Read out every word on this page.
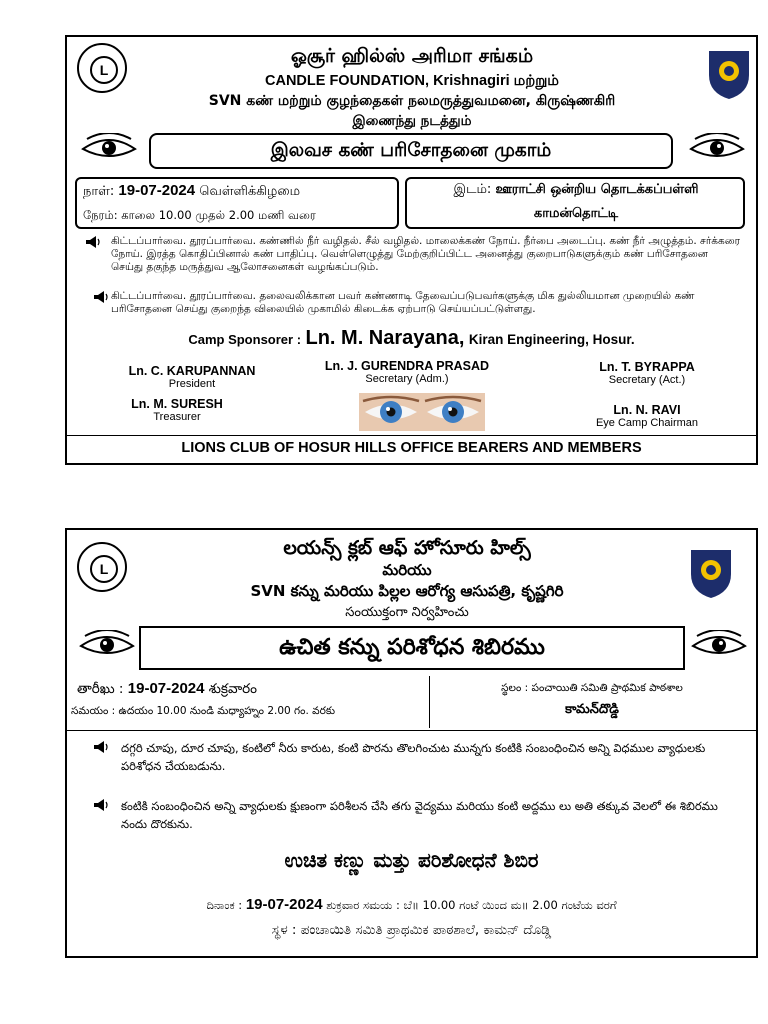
L
ஓசூர் ஹில்ஸ் அரிமா சங்கம்
CANDLE FOUNDATION, Krishnagiri மற்றும்
SVN கண் மற்றும் குழந்தைகள் நலமருத்துவமனை, கிருஷ்ணகிரி
இணைந்து நடத்தும்
இலவச கண் பரிசோதனை முகாம்
நாள்: 19-07-2024 வெள்ளிக்கிழமை
நேரம்: காலை 10.00 முதல் 2.00 மணி வரை
இடம்: ஊராட்சி ஒன்றிய தொடக்கப்பள்ளி
காமன்தொட்டி
கிட்டப்பார்வை. தூரப்பார்வை. கண்ணில் நீர் வழிதல். சீல் வழிதல். மாலைக்கண் நோய். நீர்பை அடைப்பு. கண் நீர் அழுத்தம். சர்க்கரை நோய். இரத்த கொதிப்பினால் கண் பாதிப்பு. வெள்ளெழுத்து மேற்குறிப்பிட்ட அனைத்து குறைபாடுகளுக்கும் கண் பரிசோதனை செய்து தகுந்த மருத்துவ ஆலோசனைகள் வழங்கப்படும்.
கிட்டப்பார்வை. தூரப்பார்வை. தலைவலிக்கான பவர் கண்ணாடி தேவைப்படுபவர்களுக்கு மிக துல்லியமான முறையில் கண் பரிசோதனை செய்து குறைந்த விலையில் முகாமில் கிடைக்க ஏற்பாடு செய்யப்பட்டுள்ளது.
Camp Sponsorer : Ln. M. Narayana, Kiran Engineering, Hosur.
Ln. C. KARUPANNAN
President
Ln. J. GURENDRA PRASAD
Secretary (Adm.)
Ln. T. BYRAPPA
Secretary (Act.)
Ln. M. SURESH
Treasurer	Ln. N. RAVI
Eye Camp Chairman
LIONS CLUB OF HOSUR HILLS OFFICE BEARERS AND MEMBERS
L
లయన్స్ క్లబ్ ఆఫ్ హోసూరు హిల్స్
మరియు
SVN కన్ను మరియు పిల్లల ఆరోగ్య ఆసుపత్రి, కృష్ణగిరి
సంయుక్తంగా నిర్వహించు
ఉచిత కన్ను పరిశోధన శిబిరము
తారీఖు : 19-07-2024 శుక్రవారం
సమయం : ఉదయం 10.00 నుండి మధ్యాహ్నం 2.00 గం. వరకు
స్థలం : పంచాయితి సమితి ప్రాథమిక పాఠశాల
కామన్‌దొడ్డి
దగ్గరి చూపు, దూర చూపు, కంటిలో నీరు కారుట, కంటి పొరను తొలగించుట మున్నగు కంటికి సంబంధించిన అన్ని విధముల వ్యాధులకు పరిశోధన చేయబడును.
కంటికి సంబంధించిన అన్ని వ్యాధులకు క్షుణంగా పరిశీలన చేసి తగు వైద్యము మరియు కంటి అద్దము లు అతి తక్కువ వెలలో ఈ శిబిరము నందు దొరకును.
ಉಚಿತ ಕಣ್ಣು ಮತ್ತು ಪರಿಶೋಧನೆ ಶಿಬಿರ
ದಿನಾಂಕ : 19-07-2024 ಶುಕ್ರವಾರ ಸಮಯ : ಬೆ॥ 10.00 ಗಂಟೆ ಯಿಂದ ಮ॥ 2.00 ಗಂಟೆಯ ವರಗೆ
ಸ್ಥಳ : ಪಂಚಾಯಿತಿ ಸಮಿತಿ ಪ್ರಾಥಮಿಕ ಪಾಠಶಾಲೆ, ಕಾಮನ್ ದೊಡ್ಡಿ
